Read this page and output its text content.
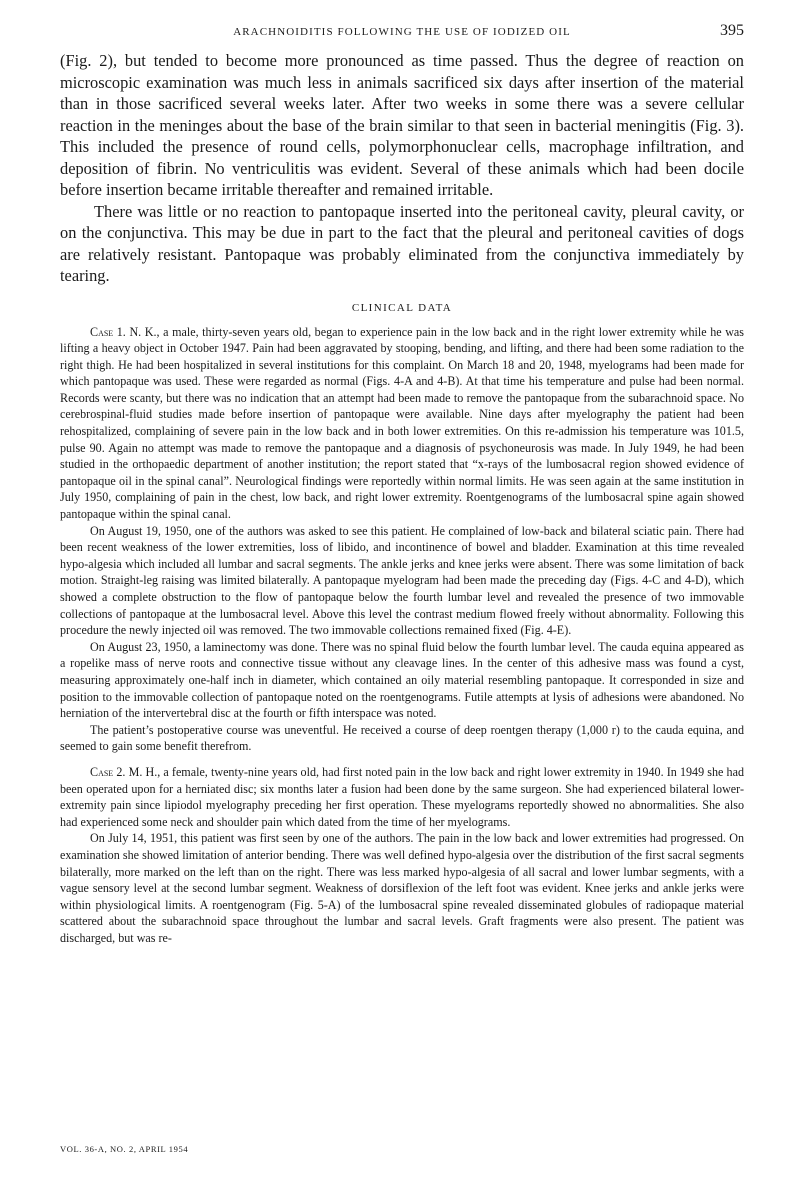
ARACHNOIDITIS FOLLOWING THE USE OF IODIZED OIL	395

(Fig. 2), but tended to become more pronounced as time passed. Thus the degree of reaction on microscopic examination was much less in animals sacrificed six days after insertion of the material than in those sacrificed several weeks later. After two weeks in some there was a severe cellular reaction in the meninges about the base of the brain similar to that seen in bacterial meningitis (Fig. 3). This included the presence of round cells, polymorphonuclear cells, macrophage infiltration, and deposition of fibrin. No ventriculitis was evident. Several of these animals which had been docile before insertion became irritable thereafter and remained irritable.

There was little or no reaction to pantopaque inserted into the peritoneal cavity, pleural cavity, or on the conjunctiva. This may be due in part to the fact that the pleural and peritoneal cavities of dogs are relatively resistant. Pantopaque was probably eliminated from the conjunctiva immediately by tearing.

CLINICAL DATA

Case 1. N. K., a male, thirty-seven years old, began to experience pain in the low back and in the right lower extremity while he was lifting a heavy object in October 1947. Pain had been aggravated by stooping, bending, and lifting, and there had been some radiation to the right thigh. He had been hospitalized in several institutions for this complaint. On March 18 and 20, 1948, myelograms had been made for which pantopaque was used. These were regarded as normal (Figs. 4-A and 4-B). At that time his temperature and pulse had been normal. Records were scanty, but there was no indication that an attempt had been made to remove the pantopaque from the subarachnoid space. No cerebrospinal-fluid studies made before insertion of pantopaque were available. Nine days after myelography the patient had been rehospitalized, complaining of severe pain in the low back and in both lower extremities. On this re-admission his temperature was 101.5, pulse 90. Again no attempt was made to remove the pantopaque and a diagnosis of psychoneurosis was made. In July 1949, he had been studied in the orthopaedic department of another institution; the report stated that “x-rays of the lumbosacral region showed evidence of pantopaque oil in the spinal canal”. Neurological findings were reportedly within normal limits. He was seen again at the same institution in July 1950, complaining of pain in the chest, low back, and right lower extremity. Roentgenograms of the lumbosacral spine again showed pantopaque within the spinal canal.

On August 19, 1950, one of the authors was asked to see this patient. He complained of low-back and bilateral sciatic pain. There had been recent weakness of the lower extremities, loss of libido, and incontinence of bowel and bladder. Examination at this time revealed hypo-algesia which included all lumbar and sacral segments. The ankle jerks and knee jerks were absent. There was some limitation of back motion. Straight-leg raising was limited bilaterally. A pantopaque myelogram had been made the preceding day (Figs. 4-C and 4-D), which showed a complete obstruction to the flow of pantopaque below the fourth lumbar level and revealed the presence of two immovable collections of pantopaque at the lumbosacral level. Above this level the contrast medium flowed freely without abnormality. Following this procedure the newly injected oil was removed. The two immovable collections remained fixed (Fig. 4-E).

On August 23, 1950, a laminectomy was done. There was no spinal fluid below the fourth lumbar level. The cauda equina appeared as a ropelike mass of nerve roots and connective tissue without any cleavage lines. In the center of this adhesive mass was found a cyst, measuring approximately one-half inch in diameter, which contained an oily material resembling pantopaque. It corresponded in size and position to the immovable collection of pantopaque noted on the roentgenograms. Futile attempts at lysis of adhesions were abandoned. No herniation of the intervertebral disc at the fourth or fifth interspace was noted.

The patient’s postoperative course was uneventful. He received a course of deep roentgen therapy (1,000 r) to the cauda equina, and seemed to gain some benefit therefrom.

Case 2. M. H., a female, twenty-nine years old, had first noted pain in the low back and right lower extremity in 1940. In 1949 she had been operated upon for a herniated disc; six months later a fusion had been done by the same surgeon. She had experienced bilateral lower-extremity pain since lipiodol myelography preceding her first operation. These myelograms reportedly showed no abnormalities. She also had experienced some neck and shoulder pain which dated from the time of her myelograms.

On July 14, 1951, this patient was first seen by one of the authors. The pain in the low back and lower extremities had progressed. On examination she showed limitation of anterior bending. There was well defined hypo-algesia over the distribution of the first sacral segments bilaterally, more marked on the left than on the right. There was less marked hypo-algesia of all sacral and lower lumbar segments, with a vague sensory level at the second lumbar segment. Weakness of dorsiflexion of the left foot was evident. Knee jerks and ankle jerks were within physiological limits. A roentgenogram (Fig. 5-A) of the lumbosacral spine revealed disseminated globules of radiopaque material scattered about the subarachnoid space throughout the lumbar and sacral levels. Graft fragments were also present. The patient was discharged, but was re-

VOL. 36-A, NO. 2, APRIL 1954
